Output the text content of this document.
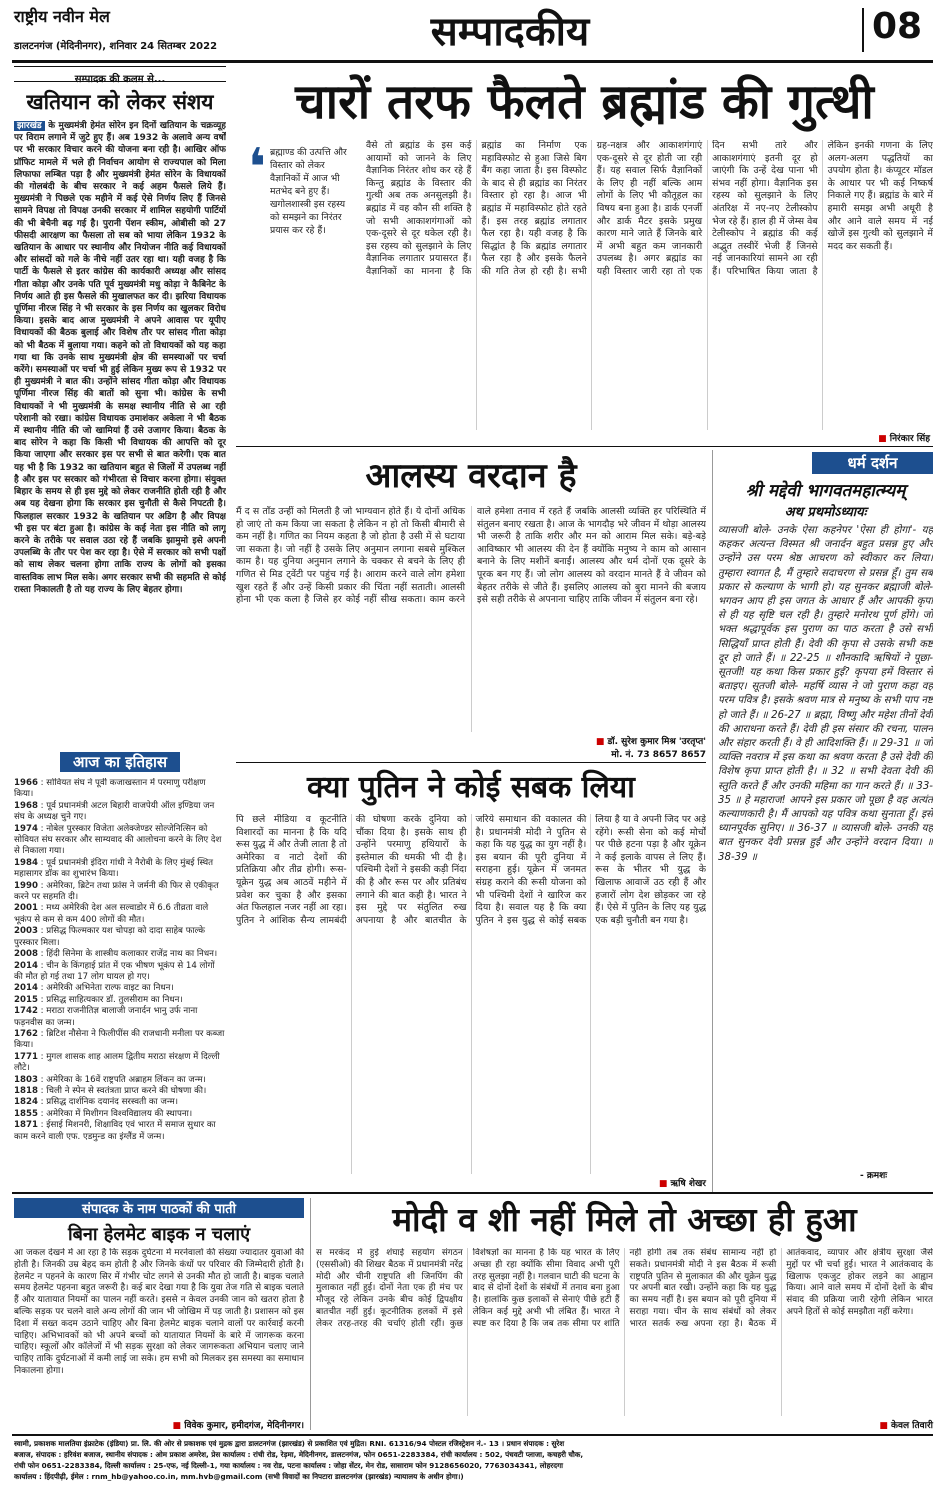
राष्ट्रीय नवीन मेल
डालटनगंज (मेदिनीनगर), शनिवार 24 सितम्बर 2022	सम्पादकीय	08
सम्पादक की कलम से...
खतियान को लेकर संशय
झारखंड के मुख्यमंत्री हेमंत सोरेन इन दिनों खतियान के चक्रव्यूह पर विराम लगाने में जुटे हुए हैं। अब 1932 के अलावे अन्य वर्षों पर भी सरकार विचार करने की योजना बना रही है। आखिर ऑफ प्रॉफिट मामले में भले ही निर्वाचन आयोग से राज्यपाल को मिला लिफाफा लम्बित पड़ा है और मुख्यमंत्री हेमंत सोरेन के विधायकों की गोलबंदी के बीच सरकार ने कई अहम फैसले लिये हैं। मुख्यमंत्री ने पिछले एक महीने में कई ऐसे निर्णय लिए हैं जिनसे सामने विपक्ष तो विपक्ष उनकी सरकार में शामिल सहयोगी पार्टियों की भी बेचैनी बढ़ गई है। पुरानी पेंशन स्कीम, ओबीसी को 27 फीसदी आरक्षण का फैसला तो सब को भाया लेकिन 1932 के खतियान के आधार पर स्थानीय और नियोजन नीति कई विधायकों और सांसदों को गले के नीचे नहीं उतर रहा था। यही वजह है कि पार्टी के फैसले से इतर कांग्रेस की कार्यकारी अध्यक्ष और सांसद गीता कोड़ा और उनके पति पूर्व मुख्यमंत्री मधु कोड़ा ने कैबिनेट के निर्णय आते ही इस फैसले की मुखालफत कर दी। झरिया विधायक पूर्णिमा नीरज सिंह ने भी सरकार के इस निर्णय का खुलकर विरोध किया। इसके बाद आज मुख्यमंत्री ने अपने आवास पर यूपीए विधायकों की बैठक बुलाई और विशेष तौर पर सांसद गीता कोड़ा को भी बैठक में बुलाया गया। कहने को तो विधायकों को यह कहा गया था कि उनके साथ मुख्यमंत्री क्षेत्र की समस्याओं पर चर्चा करेंगे। समस्याओं पर चर्चा भी हुई लेकिन मुख्य रूप से 1932 पर ही मुख्यमंत्री ने बात की। उन्होंने सांसद गीता कोड़ा और विधायक पूर्णिमा नीरज सिंह की बातों को सुना भी। कांग्रेस के सभी विधायकों ने भी मुख्यमंत्री के समक्ष स्थानीय नीति से आ रही परेशानी को रखा। कांग्रेस विधायक उमाशंकर अकेला ने भी बैठक में स्थानीय नीति की जो खामियां हैं उसे उजागर किया। बैठक के बाद सोरेन ने कहा कि किसी भी विधायक की आपत्ति को दूर किया जाएगा और सरकार इस पर सभी से बात करेगी। एक बात यह भी है कि 1932 का खतियान बहुत से जिलों में उपलब्ध नहीं है और इस पर सरकार को गंभीरता से विचार करना होगा। संयुक्त बिहार के समय से ही इस मुद्दे को लेकर राजनीति होती रही है और अब यह देखना होगा कि सरकार इस चुनौती से कैसे निपटती है। फिलहाल सरकार 1932 के खतियान पर अडिग है और विपक्ष भी इस पर बंटा हुआ है। कांग्रेस के कई नेता इस नीति को लागू करने के तरीके पर सवाल उठा रहे हैं जबकि झामुमो इसे अपनी उपलब्धि के तौर पर पेश कर रहा है। ऐसे में सरकार को सभी पक्षों को साथ लेकर चलना होगा ताकि राज्य के लोगों को इसका वास्तविक लाभ मिल सके। अगर सरकार सभी की सहमति से कोई रास्ता निकालती है तो यह राज्य के लिए बेहतर होगा।
आज का इतिहास
1966 : सोवियत संघ ने पूर्वी कजाखस्तान में परमाणु परीक्षण किया।
1968 : पूर्व प्रधानमंत्री अटल बिहारी वाजपेयी ऑल इण्डिया जन संघ के अध्यक्ष चुने गए।
1974 : नोबेल पुरस्कार विजेता अलेक्जेण्डर सोल्जेनित्सिन को सोवियत संघ सरकार और साम्यवाद की आलोचना करने के लिए देश से निकाला गया।
1984 : पूर्व प्रधानमंत्री इंदिरा गांधी ने नैरोबी के लिए मुंबई स्थित महासागर डॉक का शुभारंभ किया।
1990 : अमेरिका, ब्रिटेन तथा फ्रांस ने जर्मनी की फिर से एकीकृत करने पर सहमति दी।
2001 : मध्य अमेरिकी देश अल सल्वाडोर में 6.6 तीव्रता वाले भूकंप से कम से कम 400 लोगों की मौत।
2003 : प्रसिद्ध फिल्मकार यश चोपड़ा को दादा साहेब फाल्के पुरस्कार मिला।
2008 : हिंदी सिनेमा के शास्त्रीय कलाकार राजेंद्र नाथ का निधन।
2014 : चीन के किंगहाई प्रांत में एक भीषण भूकंप से 14 लोगों की मौत हो गई तथा 17 लोग घायल हो गए।
2014 : अमेरिकी अभिनेता राल्फ वाइट का निधन।
2015 : प्रसिद्ध साहित्यकार डॉ. तुलसीराम का निधन।
1742 : मराठा राजनीतिज्ञ बालाजी जनार्दन भानु उर्फ नाना फड़नवीस का जन्म।
1762 : ब्रिटिश नौसेना ने फिलीपींस की राजधानी मनीला पर कब्जा किया।
1771 : मुगल शासक शाह आलम द्वितीय मराठा संरक्षण में दिल्ली लौटे।
1803 : अमेरिका के 16वें राष्ट्रपति अब्राहम लिंकन का जन्म।
1818 : चिली ने स्पेन से स्वतंत्रता प्राप्त करने की घोषणा की।
1824 : प्रसिद्ध दार्शनिक दयानंद सरस्वती का जन्म।
1855 : अमेरिका में मिशीगन विश्वविद्यालय की स्थापना।
1871 : ईसाई मिशनरी, शिक्षाविद एवं भारत में समाज सुधार का काम करने वाली एफ. एडमुन्ड का इंग्लैंड में जन्म।
चारों तरफ फैलते ब्रह्मांड की गुत्थी
❛ ब्रह्माण्ड की उत्पत्ति और विस्तार को लेकर वैज्ञानिकों में आज भी मतभेद बने हुए हैं। खगोलशास्त्री इस रहस्य को समझने का निरंतर प्रयास कर रहे हैं।
वैसे तो ब्रह्मांड के इस कई आयामों को जानने के लिए वैज्ञानिक निरंतर शोध कर रहे हैं किन्तु ब्रह्मांड के विस्तार की गुत्थी अब तक अनसुलझी है। ब्रह्मांड में वह कौन सी शक्ति है जो सभी आकाशगंगाओं को एक-दूसरे से दूर धकेल रही है। इस रहस्य को सुलझाने के लिए वैज्ञानिक लगातार प्रयासरत हैं। वैज्ञानिकों का मानना है कि ब्रह्मांड का निर्माण एक महाविस्फोट से हुआ जिसे बिग बैंग कहा जाता है। इस विस्फोट के बाद से ही ब्रह्मांड का निरंतर विस्तार हो रहा है। आज भी ब्रह्मांड में महाविस्फोट होते रहते हैं। इस तरह ब्रह्मांड लगातार फैल रहा है। यही वजह है कि सिद्धांत है कि ब्रह्मांड लगातार फैल रहा है और इसके फैलने की गति तेज हो रही है। सभी ग्रह-नक्षत्र और आकाशगंगाएं एक-दूसरे से दूर होती जा रही हैं। यह सवाल सिर्फ वैज्ञानिकों के लिए ही नहीं बल्कि आम लोगों के लिए भी कौतूहल का विषय बना हुआ है। डार्क एनर्जी और डार्क मैटर इसके प्रमुख कारण माने जाते हैं जिनके बारे में अभी बहुत कम जानकारी उपलब्ध है। अगर ब्रह्मांड का यही विस्तार जारी रहा तो एक दिन सभी तारे और आकाशगंगाएं इतनी दूर हो जाएंगी कि उन्हें देख पाना भी संभव नहीं होगा। वैज्ञानिक इस रहस्य को सुलझाने के लिए अंतरिक्ष में नए-नए टेलीस्कोप भेज रहे हैं। हाल ही में जेम्स वेब टेलीस्कोप ने ब्रह्मांड की कई अद्भुत तस्वीरें भेजी हैं जिनसे नई जानकारियां सामने आ रही हैं। परिभाषित किया जाता है लेकिन इनकी गणना के लिए अलग-अलग पद्धतियों का उपयोग होता है। कंप्यूटर मॉडल के आधार पर भी कई निष्कर्ष निकाले गए हैं। ब्रह्मांड के बारे में हमारी समझ अभी अधूरी है और आने वाले समय में नई खोजें इस गुत्थी को सुलझाने में मदद कर सकती हैं।
■ निरंकार सिंह
आलस्य वरदान है
मैं द स ताँड उन्हीं को मिलती है जो भाग्यवान होते हैं। ये दोनों अधिक हो जाएं तो कम किया जा सकता है लेकिन न हो तो किसी बीमारी से कम नहीं है। गणित का नियम कहता है जो होता है उसी में से घटाया जा सकता है। जो नहीं है उसके लिए अनुमान लगाना सबसे मुश्किल काम है। यह दुनिया अनुमान लगाने के चक्कर से बचने के लिए ही गणित से मिड ट्वेंटी पर पहुंच गई है। आराम करने वाले लोग हमेशा खुश रहते हैं और उन्हें किसी प्रकार की चिंता नहीं सताती। आलसी होना भी एक कला है जिसे हर कोई नहीं सीख सकता। काम करने वाले हमेशा तनाव में रहते हैं जबकि आलसी व्यक्ति हर परिस्थिति में संतुलन बनाए रखता है। आज के भागदौड़ भरे जीवन में थोड़ा आलस्य भी जरूरी है ताकि शरीर और मन को आराम मिल सके। बड़े-बड़े आविष्कार भी आलस्य की देन हैं क्योंकि मनुष्य ने काम को आसान बनाने के लिए मशीनें बनाईं। आलस्य और धर्म दोनों एक दूसरे के पूरक बन गए हैं। जो लोग आलस्य को वरदान मानते हैं वे जीवन को बेहतर तरीके से जीते हैं। इसलिए आलस्य को बुरा मानने की बजाय इसे सही तरीके से अपनाना चाहिए ताकि जीवन में संतुलन बना रहे।
■ डॉ. सुरेश कुमार मिश्र 'उरतृप्त'
मो. नं. 73 8657 8657
क्या पुतिन ने कोई सबक लिया
पि छले मीडिया व कूटनीति विशारदों का मानना है कि यदि रूस युद्ध में और तेजी लाता है तो अमेरिका व नाटो देशों की प्रतिक्रिया और तीव्र होगी। रूस-यूक्रेन युद्ध अब आठवें महीने में प्रवेश कर चुका है और इसका अंत फिलहाल नजर नहीं आ रहा। पुतिन ने आंशिक सैन्य लामबंदी की घोषणा करके दुनिया को चौंका दिया है। इसके साथ ही उन्होंने परमाणु हथियारों के इस्तेमाल की धमकी भी दी है। पश्चिमी देशों ने इसकी कड़ी निंदा की है और रूस पर और प्रतिबंध लगाने की बात कही है। भारत ने इस मुद्दे पर संतुलित रुख अपनाया है और बातचीत के जरिये समाधान की वकालत की है। प्रधानमंत्री मोदी ने पुतिन से कहा कि यह युद्ध का युग नहीं है। इस बयान की पूरी दुनिया में सराहना हुई। यूक्रेन में जनमत संग्रह कराने की रूसी योजना को भी पश्चिमी देशों ने खारिज कर दिया है। सवाल यह है कि क्या पुतिन ने इस युद्ध से कोई सबक लिया है या वे अपनी जिद पर अड़े रहेंगे। रूसी सेना को कई मोर्चों पर पीछे हटना पड़ा है और यूक्रेन ने कई इलाके वापस ले लिए हैं। रूस के भीतर भी युद्ध के खिलाफ आवाजें उठ रही हैं और हजारों लोग देश छोड़कर जा रहे हैं। ऐसे में पुतिन के लिए यह युद्ध एक बड़ी चुनौती बन गया है।
■ ऋषि शेखर
धर्म दर्शन
श्री मद्देवी भागवतमहात्म्यम्
अथ प्रथमोऽध्यायः
व्यासजी बोले- उनके ऐसा कहनेपर 'ऐसा ही होगा'- यह कहकर अत्यन्त विस्मत श्री जनार्दन बहुत प्रसन्न हुए और उन्होंने उस परम श्रेष्ठ आचरण को स्वीकार कर लिया। तुम्हारा स्वागत है, मैं तुम्हारे सदाचरण से प्रसन्न हूँ। तुम सब प्रकार से कल्याण के भागी हो। यह सुनकर ब्रह्माजी बोले- भगवन आप ही इस जगत के आधार हैं और आपकी कृपा से ही यह सृष्टि चल रही है। तुम्हारे मनोरथ पूर्ण होंगे। जो भक्त श्रद्धापूर्वक इस पुराण का पाठ करता है उसे सभी सिद्धियाँ प्राप्त होती हैं। देवी की कृपा से उसके सभी कष्ट दूर हो जाते हैं। ॥ 22-25 ॥ शौनकादि ऋषियों ने पूछा- सूतजी! यह कथा किस प्रकार हुई? कृपया हमें विस्तार से बताइए। सूतजी बोले- महर्षि व्यास ने जो पुराण कहा वह परम पवित्र है। इसके श्रवण मात्र से मनुष्य के सभी पाप नष्ट हो जाते हैं। ॥ 26-27 ॥ ब्रह्मा, विष्णु और महेश तीनों देवी की आराधना करते हैं। देवी ही इस संसार की रचना, पालन और संहार करती हैं। वे ही आदिशक्ति हैं। ॥ 29-31 ॥ जो व्यक्ति नवरात्र में इस कथा का श्रवण करता है उसे देवी की विशेष कृपा प्राप्त होती है। ॥ 32 ॥ सभी देवता देवी की स्तुति करते हैं और उनकी महिमा का गान करते हैं। ॥ 33-35 ॥ हे महाराज! आपने इस प्रकार जो पूछा है वह अत्यंत कल्याणकारी है। मैं आपको यह पवित्र कथा सुनाता हूँ। इसे ध्यानपूर्वक सुनिए। ॥ 36-37 ॥ व्यासजी बोले- उनकी यह बात सुनकर देवी प्रसन्न हुईं और उन्होंने वरदान दिया। ॥ 38-39 ॥
- क्रमशः
संपादक के नाम पाठकों की पाती
बिना हेलमेट बाइक न चलाएं
आ जकल देखने में आ रहा है कि सड़क दुर्घटना में मरनेवालों की संख्या ज्यादातर युवाओं की होती है। जिनकी उम्र बेहद कम होती है और जिनके कंधों पर परिवार की जिम्मेदारी होती है। हेलमेट न पहनने के कारण सिर में गंभीर चोट लगने से उनकी मौत हो जाती है। बाइक चलाते समय हेलमेट पहनना बहुत जरूरी है। कई बार देखा गया है कि युवा तेज गति से बाइक चलाते हैं और यातायात नियमों का पालन नहीं करते। इससे न केवल उनकी जान को खतरा होता है बल्कि सड़क पर चलने वाले अन्य लोगों की जान भी जोखिम में पड़ जाती है। प्रशासन को इस दिशा में सख्त कदम उठाने चाहिए और बिना हेलमेट बाइक चलाने वालों पर कार्रवाई करनी चाहिए। अभिभावकों को भी अपने बच्चों को यातायात नियमों के बारे में जागरूक करना चाहिए। स्कूलों और कॉलेजों में भी सड़क सुरक्षा को लेकर जागरूकता अभियान चलाए जाने चाहिए ताकि दुर्घटनाओं में कमी लाई जा सके। हम सभी को मिलकर इस समस्या का समाधान निकालना होगा।
■ विवेक कुमार, हमीदगंज, मेदिनीनगर।
मोदी व शी नहीं मिले तो अच्छा ही हुआ
स मरकंद में हुई शंघाई सहयोग संगठन (एससीओ) की शिखर बैठक में प्रधानमंत्री नरेंद्र मोदी और चीनी राष्ट्रपति शी जिनपिंग की मुलाकात नहीं हुई। दोनों नेता एक ही मंच पर मौजूद रहे लेकिन उनके बीच कोई द्विपक्षीय बातचीत नहीं हुई। कूटनीतिक हलकों में इसे लेकर तरह-तरह की चर्चाएं होती रहीं। कुछ विशेषज्ञों का मानना है कि यह भारत के लिए अच्छा ही रहा क्योंकि सीमा विवाद अभी पूरी तरह सुलझा नहीं है। गलवान घाटी की घटना के बाद से दोनों देशों के संबंधों में तनाव बना हुआ है। हालांकि कुछ इलाकों से सेनाएं पीछे हटी हैं लेकिन कई मुद्दे अभी भी लंबित हैं। भारत ने स्पष्ट कर दिया है कि जब तक सीमा पर शांति नहीं होगी तब तक संबंध सामान्य नहीं हो सकते। प्रधानमंत्री मोदी ने इस बैठक में रूसी राष्ट्रपति पुतिन से मुलाकात की और यूक्रेन युद्ध पर अपनी बात रखी। उन्होंने कहा कि यह युद्ध का समय नहीं है। इस बयान को पूरी दुनिया में सराहा गया। चीन के साथ संबंधों को लेकर भारत सतर्क रुख अपना रहा है। बैठक में आतंकवाद, व्यापार और क्षेत्रीय सुरक्षा जैसे मुद्दों पर भी चर्चा हुई। भारत ने आतंकवाद के खिलाफ एकजुट होकर लड़ने का आह्वान किया। आने वाले समय में दोनों देशों के बीच संवाद की प्रक्रिया जारी रहेगी लेकिन भारत अपने हितों से कोई समझौता नहीं करेगा।
■ केवल तिवारी
स्वामी, प्रकाशक मालतिया इंफ्राटेक (इंडिया) प्रा. लि. की ओर से प्रकाशक एवं मुद्रक द्वारा डालटनगंज (झारखंड) से प्रकाशित एवं मुद्रित। RNI. 61316/94 पोस्टल रजिस्ट्रेशन नं.- 13 । प्रधान संपादक : सुरेश
बजाज, संपादक : हरिवंश बजाज, स्थानीय संपादक : ओम प्रकाश अमरेश, प्रेस कार्यालय : रांची रोड, रेड़मा, मेदिनीनगर, डालटनगंज, फोन 0651-2283384, रांची कार्यालय : 502, पंचवटी प्लाजा, कचहरी चौक,
रांची फोन 0651-2283384, दिल्ली कार्यालय : 25-एफ, नई दिल्ली-1, गया कार्यालय : नव रोड, पटना कार्यालय : जोहा सेंटर, मेन रोड, सासाराम फोन 9128656020, 7763034341, लोहरदगा
कार्यालय : हिंदपीढ़ी, ईमेल : rnm_hb@yahoo.co.in, mm.hvb@gmail.com (सभी विवादों का निपटारा डालटनगंज (झारखंड) न्यायालय के अधीन होगा।)
